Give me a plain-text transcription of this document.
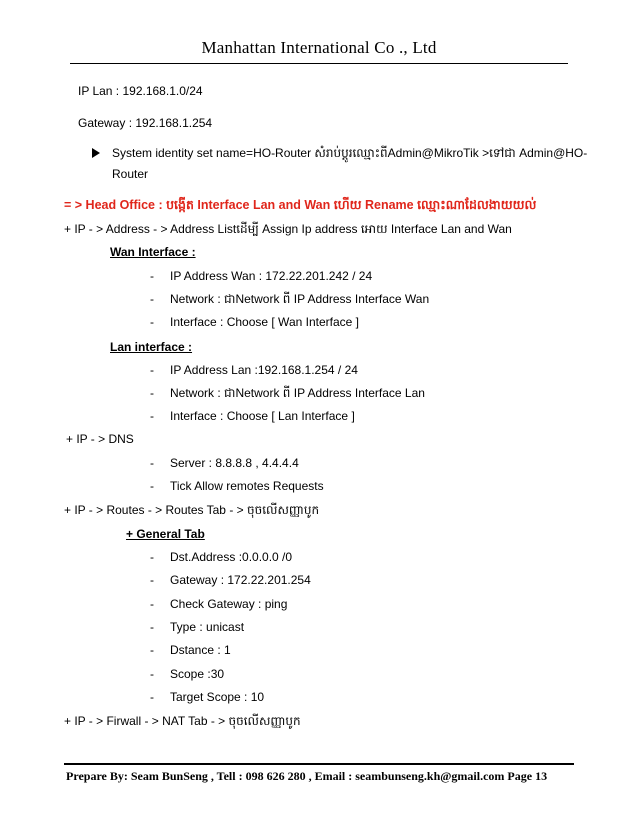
Manhattan International Co ., Ltd
IP Lan : 192.168.1.0/24
Gateway : 192.168.1.254
System identity set name=HO-Router សំរាប់ប្តូរឈ្មោះពីAdmin@MikroTik >ទៅជា Admin@HO-
Router
= > Head Office : បង្កើត Interface Lan and Wan ហើយ Rename ឈ្មោះណាដែលងាយយល់
+ IP - > Address - > Address Listដើម្បី Assign Ip address អោយ Interface Lan and Wan
Wan Interface :
- IP Address Wan : 172.22.201.242 / 24
- Network : ជាNetwork ពី IP Address Interface Wan
- Interface : Choose [ Wan Interface ]
Lan interface :
- IP Address Lan :192.168.1.254 / 24
- Network : ជាNetwork ពី IP Address Interface Lan
- Interface : Choose [ Lan Interface ]
+ IP - > DNS
- Server : 8.8.8.8 , 4.4.4.4
- Tick Allow remotes Requests
+ IP - > Routes - > Routes Tab - > ចុចលើសញ្ញាបូក
+ General Tab
- Dst.Address :0.0.0.0 /0
- Gateway : 172.22.201.254
- Check Gateway : ping
- Type : unicast
- Dstance : 1
- Scope :30
- Target Scope : 10
+ IP - > Firwall - > NAT Tab - > ចុចលើសញ្ញាបូក
Prepare By: Seam BunSeng , Tell : 098 626 280 , Email : seambunseng.kh@gmail.com Page 13
